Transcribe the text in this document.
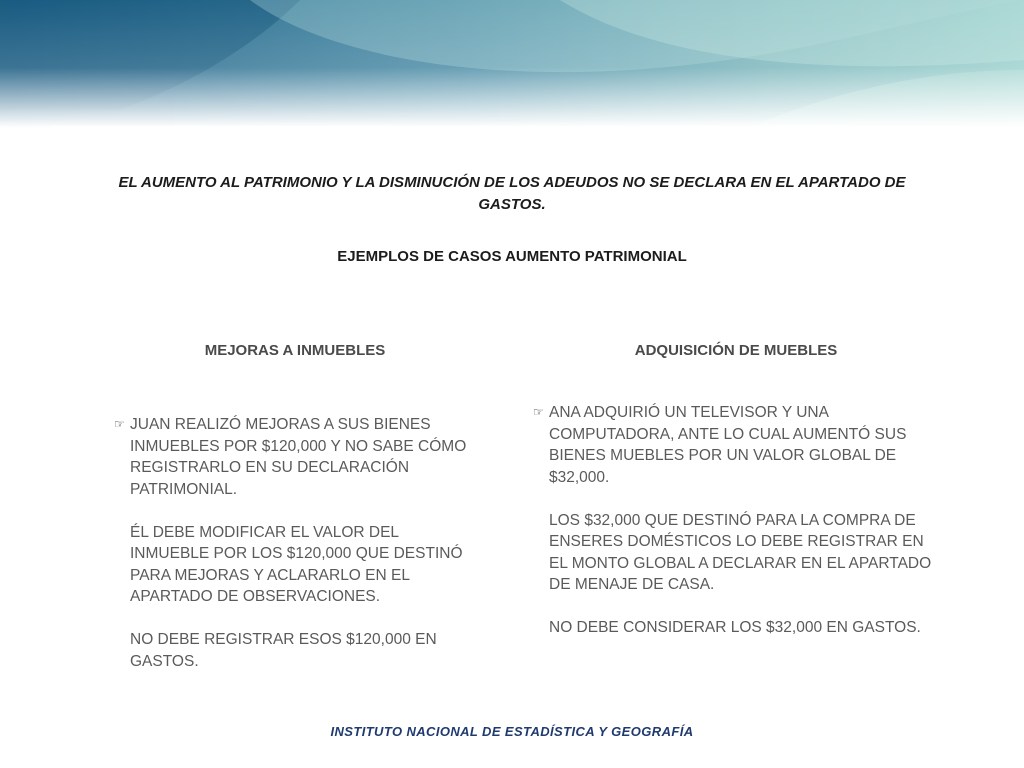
EL AUMENTO AL PATRIMONIO Y LA DISMINUCIÓN DE LOS ADEUDOS NO SE DECLARA EN EL APARTADO DE GASTOS.
EJEMPLOS DE CASOS AUMENTO PATRIMONIAL
MEJORAS A INMUEBLES	ADQUISICIÓN DE MUEBLES
☞ JUAN REALIZÓ MEJORAS A SUS BIENES INMUEBLES POR $120,000 Y NO SABE CÓMO REGISTRARLO EN SU DECLARACIÓN PATRIMONIAL.

ÉL DEBE MODIFICAR EL VALOR DEL INMUEBLE POR LOS $120,000 QUE DESTINÓ PARA MEJORAS Y ACLARARLO EN EL APARTADO DE OBSERVACIONES.

NO DEBE REGISTRAR ESOS $120,000 EN GASTOS.

☞ ANA ADQUIRIÓ UN TELEVISOR Y UNA COMPUTADORA, ANTE LO CUAL AUMENTÓ SUS BIENES MUEBLES POR UN VALOR GLOBAL DE $32,000.

LOS $32,000 QUE DESTINÓ PARA LA COMPRA DE ENSERES DOMÉSTICOS LO DEBE REGISTRAR EN EL MONTO GLOBAL A DECLARAR EN EL APARTADO DE MENAJE DE CASA.

NO DEBE CONSIDERAR LOS $32,000 EN GASTOS.

INSTITUTO NACIONAL DE ESTADÍSTICA Y GEOGRAFÍA
